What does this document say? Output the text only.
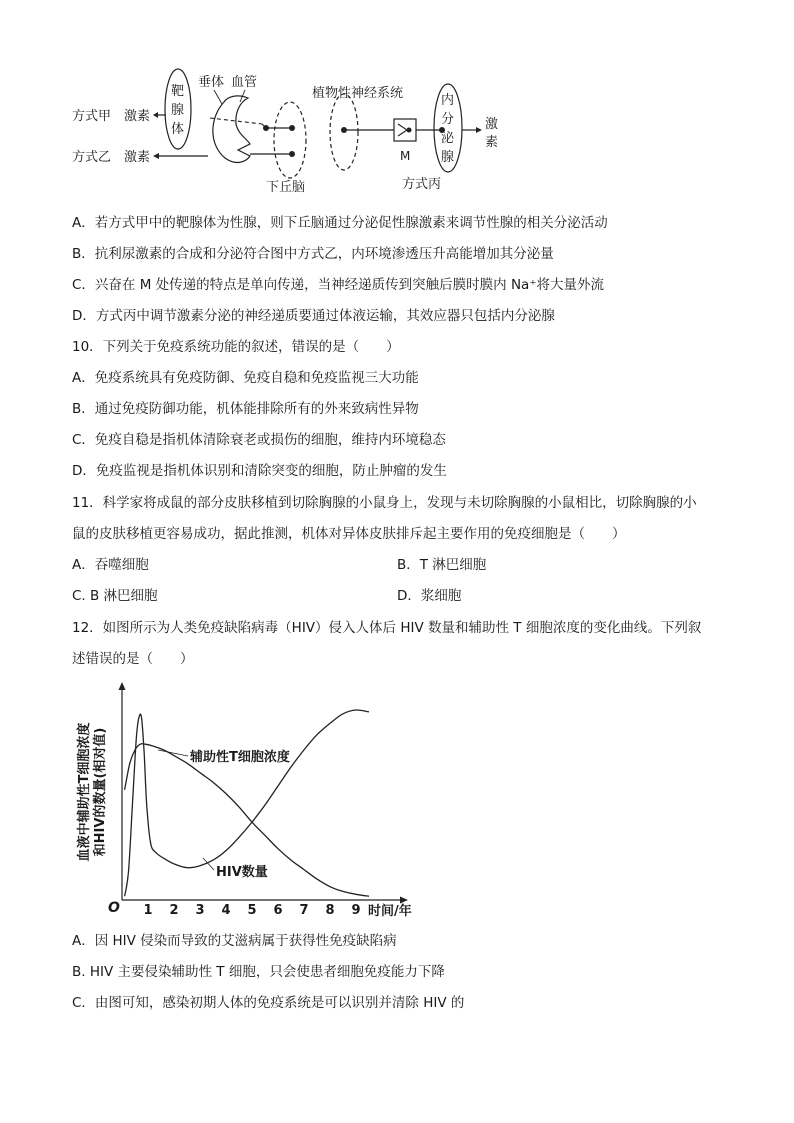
靶
腺
体
方式甲 激素
方式乙 激素
垂体 血管
下丘脑
植物性神经系统
M
内
分
泌
腺
激
素
方式丙
A．若方式甲中的靶腺体为性腺，则下丘脑通过分泌促性腺激素来调节性腺的相关分泌活动
B．抗利尿激素的合成和分泌符合图中方式乙，内环境渗透压升高能增加其分泌量
C．兴奋在 M 处传递的特点是单向传递，当神经递质传到突触后膜时膜内 Na⁺将大量外流
D．方式丙中调节激素分泌的神经递质要通过体液运输，其效应器只包括内分泌腺
10．下列关于免疫系统功能的叙述，错误的是（　　）
A．免疫系统具有免疫防御、免疫自稳和免疫监视三大功能
B．通过免疫防御功能，机体能排除所有的外来致病性异物
C．免疫自稳是指机体清除衰老或损伤的细胞，维持内环境稳态
D．免疫监视是指机体识别和清除突变的细胞，防止肿瘤的发生
11．科学家将成鼠的部分皮肤移植到切除胸腺的小鼠身上，发现与未切除胸腺的小鼠相比，切除胸腺的小
鼠的皮肤移植更容易成功，据此推测，机体对异体皮肤排斥起主要作用的免疫细胞是（　　）
A．吞噬细胞	B．T 淋巴细胞
C. B 淋巴细胞	D．浆细胞
12．如图所示为人类免疫缺陷病毒（HIV）侵入人体后 HIV 数量和辅助性 T 细胞浓度的变化曲线。下列叙
述错误的是（　　）
血液中辅助性T细胞浓度 和HIV的数量(相对值)
O	时间/年
1 2 3 4 5 6 7 8 9
辅助性T细胞浓度
HIV数量
A．因 HIV 侵染而导致的艾滋病属于获得性免疫缺陷病
B. HIV 主要侵染辅助性 T 细胞，只会使患者细胞免疫能力下降
C．由图可知，感染初期人体的免疫系统是可以识别并清除 HIV 的
